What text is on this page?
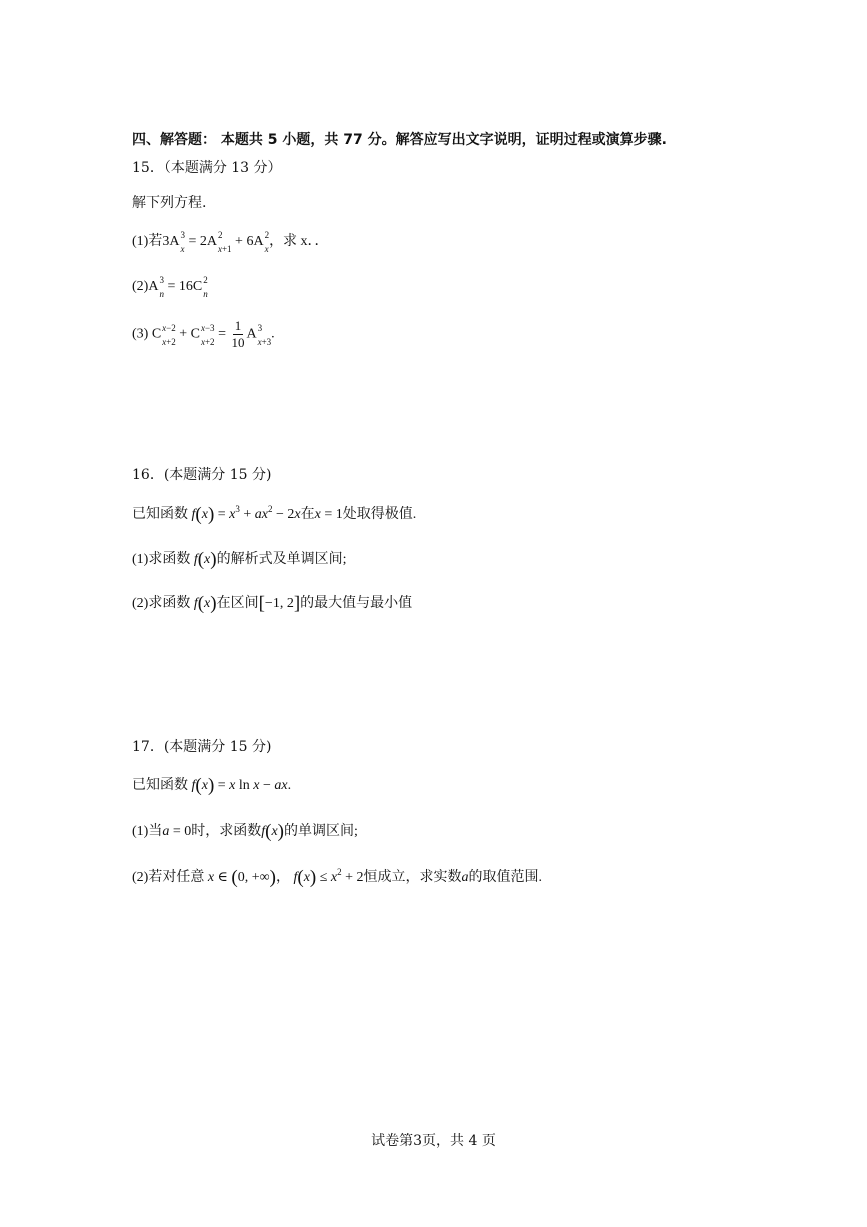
四、解答题： 本题共 5 小题，共 77 分。解答应写出文字说明，证明过程或演算步骤.
15．（本题满分 13 分）
解下列方程.
(1)若3A 3
x = 2A 2
x+1 + 6A 2
x ，求 x．．
(2)A 3
n = 16C 2
n
(3) C x−2
x+2 + C x−3
$x+2 = \frac{1}{10}$ A 3
x+3 .
16．(本题满分 15 分)
已知函数 $f(x) = x^3 + ax^2 - 2x$在x = 1处取得极值.
(1)求函数 f(x)的解析式及单调区间;
(2)求函数 f(x)在区间[−1, 2]的最大值与最小值
17．(本题满分 15 分)
已知函数 f(x) = x ln x − ax.
(1)当a = 0时，求函数f(x)的单调区间;
(2)若对任意 x ∈ (0, +∞)， $f(x) \le x^2 + 2$恒成立，求实数a的取值范围.
试卷第3页，共 4 页
